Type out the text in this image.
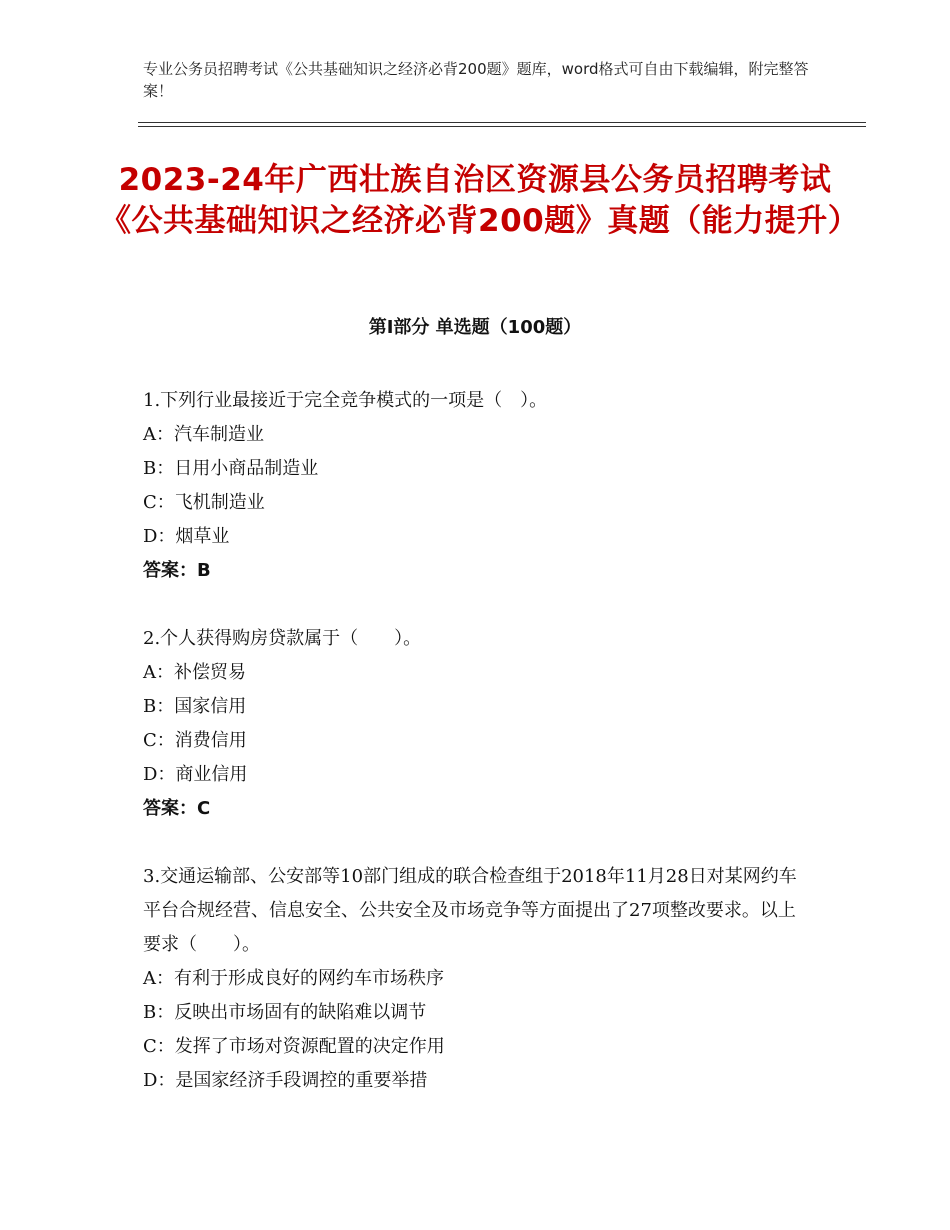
专业公务员招聘考试《公共基础知识之经济必背200题》题库，word格式可自由下载编辑，附完整答案！
2023-24年广西壮族自治区资源县公务员招聘考试《公共基础知识之经济必背200题》真题（能力提升）
第Ⅰ部分 单选题（100题）
1.下列行业最接近于完全竞争模式的一项是（　）。
A：汽车制造业
B：日用小商品制造业
C：飞机制造业
D：烟草业
答案：B
2.个人获得购房贷款属于（　　）。
A：补偿贸易
B：国家信用
C：消费信用
D：商业信用
答案：C
3.交通运输部、公安部等10部门组成的联合检查组于2018年11月28日对某网约车平台合规经营、信息安全、公共安全及市场竞争等方面提出了27项整改要求。以上要求（　　）。
A：有利于形成良好的网约车市场秩序
B：反映出市场固有的缺陷难以调节
C：发挥了市场对资源配置的决定作用
D：是国家经济手段调控的重要举措
